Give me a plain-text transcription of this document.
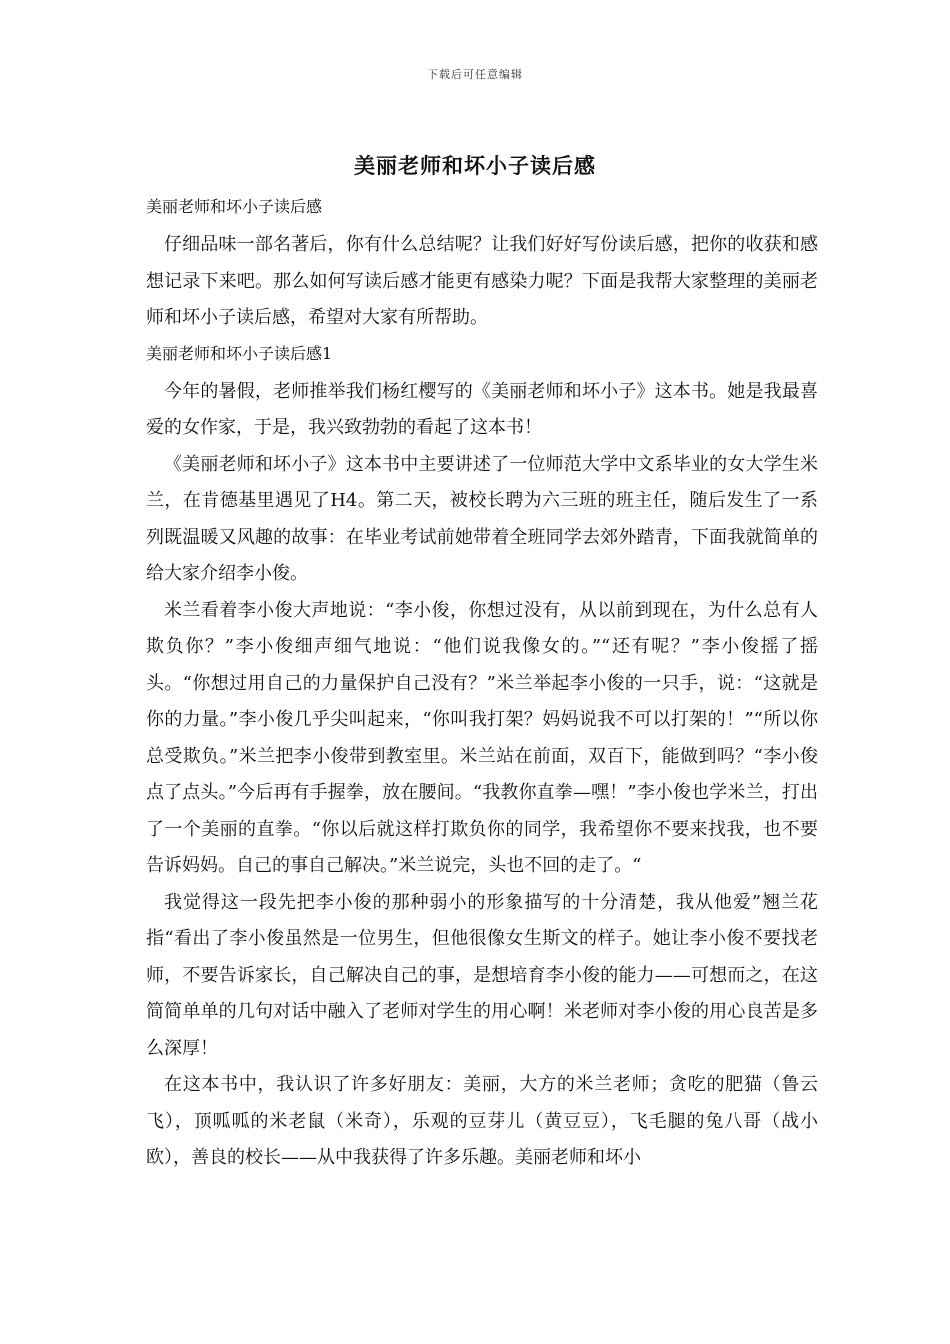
下载后可任意编辑
美丽老师和坏小子读后感
美丽老师和坏小子读后感

仔细品味一部名著后，你有什么总结呢？让我们好好写份读后感，把你的收获和感想记录下来吧。那么如何写读后感才能更有感染力呢？下面是我帮大家整理的美丽老师和坏小子读后感，希望对大家有所帮助。

美丽老师和坏小子读后感1

今年的暑假，老师推举我们杨红樱写的《美丽老师和坏小子》这本书。她是我最喜爱的女作家，于是，我兴致勃勃的看起了这本书！

《美丽老师和坏小子》这本书中主要讲述了一位师范大学中文系毕业的女大学生米兰，在肯德基里遇见了H4。第二天，被校长聘为六三班的班主任，随后发生了一系列既温暖又风趣的故事：在毕业考试前她带着全班同学去郊外踏青，下面我就简单的给大家介绍李小俊。

米兰看着李小俊大声地说：“李小俊，你想过没有，从以前到现在，为什么总有人欺负你？”李小俊细声细气地说：“他们说我像女的。”“还有呢？”李小俊摇了摇头。“你想过用自己的力量保护自己没有？”米兰举起李小俊的一只手，说：“这就是你的力量。”李小俊几乎尖叫起来，“你叫我打架？妈妈说我不可以打架的！”“所以你总受欺负。”米兰把李小俊带到教室里。米兰站在前面，双百下，能做到吗？“李小俊点了点头。”今后再有手握拳，放在腰间。“我教你直拳—嘿！”李小俊也学米兰，打出了一个美丽的直拳。“你以后就这样打欺负你的同学，我希望你不要来找我，也不要告诉妈妈。自己的事自己解决。”米兰说完，头也不回的走了。“

我觉得这一段先把李小俊的那种弱小的形象描写的十分清楚，我从他爱”翘兰花指“看出了李小俊虽然是一位男生，但他很像女生斯文的样子。她让李小俊不要找老师，不要告诉家长，自己解决自己的事，是想培育李小俊的能力——可想而之，在这简简单单的几句对话中融入了老师对学生的用心啊！米老师对李小俊的用心良苦是多么深厚！

在这本书中，我认识了许多好朋友：美丽，大方的米兰老师；贪吃的肥猫（鲁云飞），顶呱呱的米老鼠（米奇），乐观的豆芽儿（黄豆豆），飞毛腿的兔八哥（战小欧），善良的校长——从中我获得了许多乐趣。美丽老师和坏小
